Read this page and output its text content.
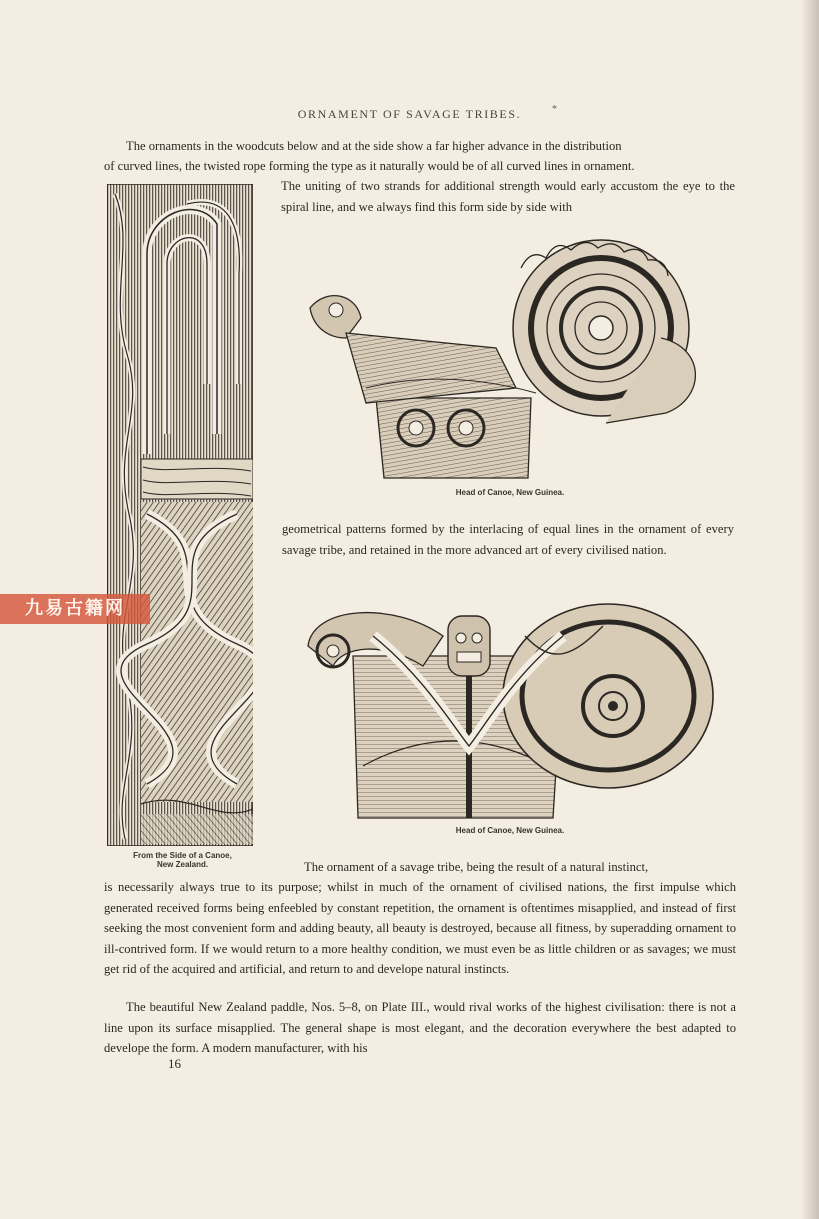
ORNAMENT OF SAVAGE TRIBES.	*
The ornaments in the woodcuts below and at the side show a far higher advance in the distribution
of curved lines, the twisted rope forming the type as it naturally would be of all curved lines in ornament.
The uniting of two strands for additional strength would early accustom the eye to the spiral line, and we always find this form side by side with
geometrical patterns formed by the interlacing of equal lines in the ornament of every savage tribe, and retained in the more advanced art of every civilised nation.
The ornament of a savage tribe, being the result of a natural instinct,
is necessarily always true to its purpose; whilst in much of the ornament of civilised nations, the first impulse which generated received forms being enfeebled by constant repetition, the ornament is oftentimes misapplied, and instead of first seeking the most convenient form and adding beauty, all beauty is destroyed, because all fitness, by superadding ornament to ill-contrived form. If we would return to a more healthy condition, we must even be as little children or as savages; we must get rid of the acquired and artificial, and return to and develope natural instincts.
The beautiful New Zealand paddle, Nos. 5–8, on Plate III., would rival works of the highest civilisation: there is not a line upon its surface misapplied. The general shape is most elegant, and the decoration everywhere the best adapted to develope the form. A modern manufacturer, with his
16
From the Side of a Canoe,
New Zealand.
Head of Canoe, New Guinea.
Head of Canoe, New Guinea.
九易古籍网
